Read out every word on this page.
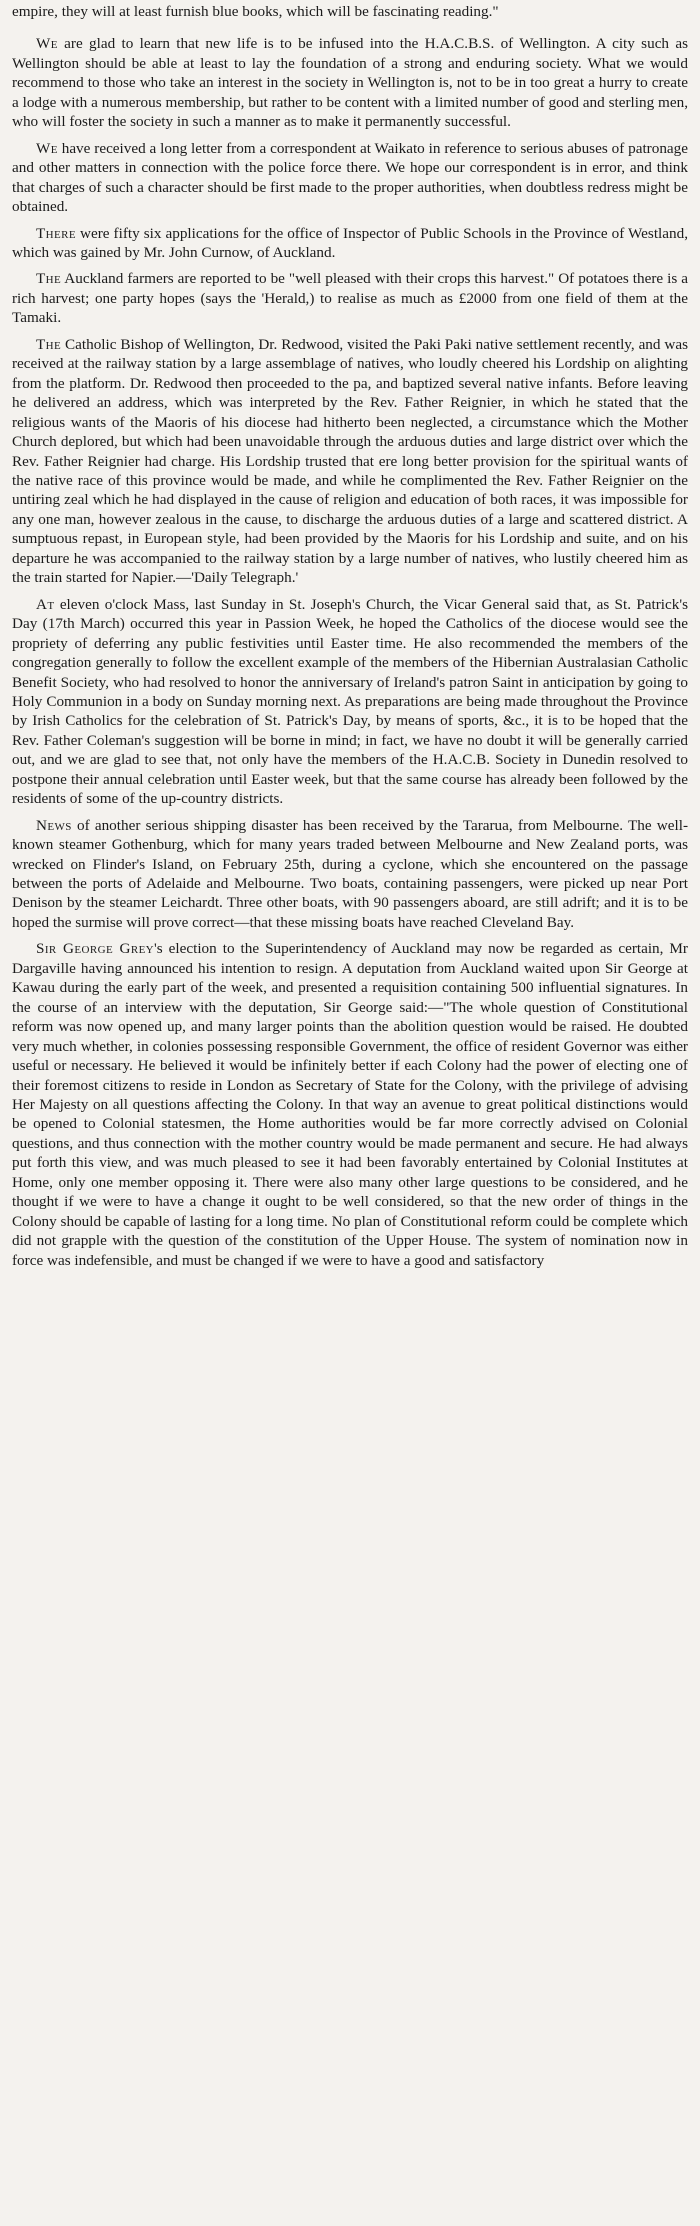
empire, they will at least furnish blue books, which will be fascinating reading."

We are glad to learn that new life is to be infused into the H.A.C.B.S. of Wellington. A city such as Wellington should be able at least to lay the foundation of a strong and enduring society. What we would recommend to those who take an interest in the society in Wellington is, not to be in too great a hurry to create a lodge with a numerous membership, but rather to be content with a limited number of good and sterling men, who will foster the society in such a manner as to make it permanently successful.

We have received a long letter from a correspondent at Waikato in reference to serious abuses of patronage and other matters in connection with the police force there. We hope our correspondent is in error, and think that charges of such a character should be first made to the proper authorities, when doubtless redress might be obtained.

There were fifty six applications for the office of Inspector of Public Schools in the Province of Westland, which was gained by Mr. John Curnow, of Auckland.

The Auckland farmers are reported to be "well pleased with their crops this harvest." Of potatoes there is a rich harvest; one party hopes (says the 'Herald,) to realise as much as £2000 from one field of them at the Tamaki.

The Catholic Bishop of Wellington, Dr. Redwood, visited the Paki Paki native settlement recently, and was received at the railway station by a large assemblage of natives, who loudly cheered his Lordship on alighting from the platform. Dr. Redwood then proceeded to the pa, and baptized several native infants. Before leaving he delivered an address, which was interpreted by the Rev. Father Reignier, in which he stated that the religious wants of the Maoris of his diocese had hitherto been neglected, a circumstance which the Mother Church deplored, but which had been unavoidable through the arduous duties and large district over which the Rev. Father Reignier had charge. His Lordship trusted that ere long better provision for the spiritual wants of the native race of this province would be made, and while he complimented the Rev. Father Reignier on the untiring zeal which he had displayed in the cause of religion and education of both races, it was impossible for any one man, however zealous in the cause, to discharge the arduous duties of a large and scattered district. A sumptuous repast, in European style, had been provided by the Maoris for his Lordship and suite, and on his departure he was accompanied to the railway station by a large number of natives, who lustily cheered him as the train started for Napier.—'Daily Telegraph.'

At eleven o'clock Mass, last Sunday in St. Joseph's Church, the Vicar General said that, as St. Patrick's Day (17th March) occurred this year in Passion Week, he hoped the Catholics of the diocese would see the propriety of deferring any public festivities until Easter time. He also recommended the members of the congregation generally to follow the excellent example of the members of the Hibernian Australasian Catholic Benefit Society, who had resolved to honor the anniversary of Ireland's patron Saint in anticipation by going to Holy Communion in a body on Sunday morning next. As preparations are being made throughout the Province by Irish Catholics for the celebration of St. Patrick's Day, by means of sports, &c., it is to be hoped that the Rev. Father Coleman's suggestion will be borne in mind; in fact, we have no doubt it will be generally carried out, and we are glad to see that, not only have the members of the H.A.C.B. Society in Dunedin resolved to postpone their annual celebration until Easter week, but that the same course has already been followed by the residents of some of the up-country districts.

News of another serious shipping disaster has been received by the Tararua, from Melbourne. The well-known steamer Gothenburg, which for many years traded between Melbourne and New Zealand ports, was wrecked on Flinder's Island, on February 25th, during a cyclone, which she encountered on the passage between the ports of Adelaide and Melbourne. Two boats, containing passengers, were picked up near Port Denison by the steamer Leichardt. Three other boats, with 90 passengers aboard, are still adrift; and it is to be hoped the surmise will prove correct—that these missing boats have reached Cleveland Bay.

Sir George Grey's election to the Superintendency of Auckland may now be regarded as certain, Mr Dargaville having announced his intention to resign. A deputation from Auckland waited upon Sir George at Kawau during the early part of the week, and presented a requisition containing 500 influential signatures. In the course of an interview with the deputation, Sir George said:—"The whole question of Constitutional reform was now opened up, and many larger points than the abolition question would be raised. He doubted very much whether, in colonies possessing responsible Government, the office of resident Governor was either useful or necessary. He believed it would be infinitely better if each Colony had the power of electing one of their foremost citizens to reside in London as Secretary of State for the Colony, with the privilege of advising Her Majesty on all questions affecting the Colony. In that way an avenue to great political distinctions would be opened to Colonial statesmen, the Home authorities would be far more correctly advised on Colonial questions, and thus connection with the mother country would be made permanent and secure. He had always put forth this view, and was much pleased to see it had been favorably entertained by Colonial Institutes at Home, only one member opposing it. There were also many other large questions to be considered, and he thought if we were to have a change it ought to be well considered, so that the new order of things in the Colony should be capable of lasting for a long time. No plan of Constitutional reform could be complete which did not grapple with the question of the constitution of the Upper House. The system of nomination now in force was indefensible, and must be changed if we were to have a good and satisfactory
